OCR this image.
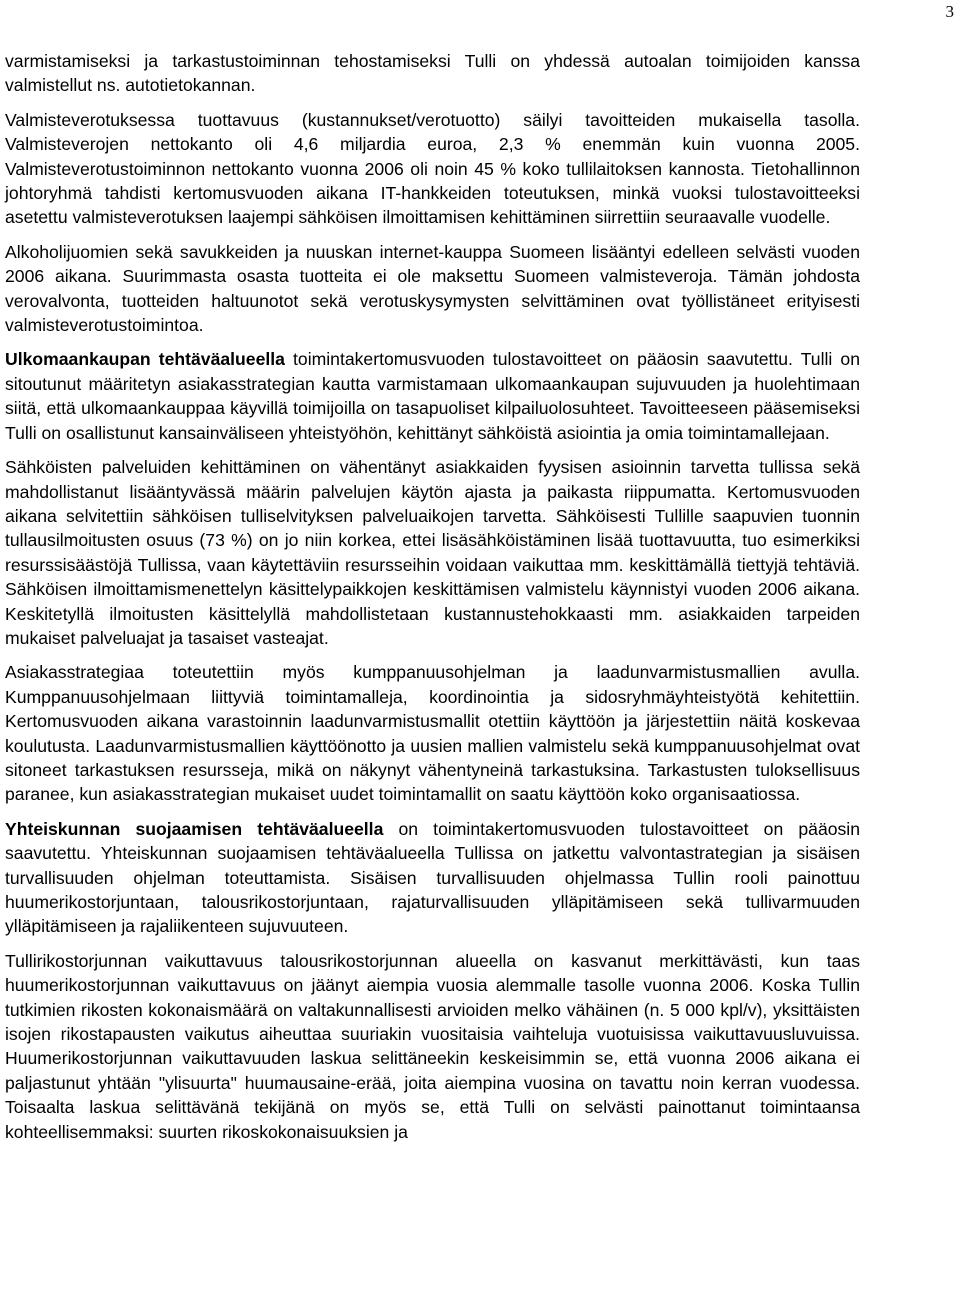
3

varmistamiseksi ja tarkastustoiminnan tehostamiseksi Tulli on yhdessä autoalan toimijoiden kanssa valmistellut ns. autotietokannan.

Valmisteverotuksessa tuottavuus (kustannukset/verotuotto) säilyi tavoitteiden mukaisella tasolla. Valmisteverojen nettokanto oli 4,6 miljardia euroa, 2,3 % enemmän kuin vuonna 2005. Valmisteverotustoiminnon nettokanto vuonna 2006 oli noin 45 % koko tullilaitoksen kannosta. Tietohallinnon johtoryhmä tahdisti kertomusvuoden aikana IT-hankkeiden toteutuksen, minkä vuoksi tulostavoitteeksi asetettu valmisteverotuksen laajempi sähköisen ilmoittamisen kehittäminen siirrettiin seuraavalle vuodelle.

Alkoholijuomien sekä savukkeiden ja nuuskan internet-kauppa Suomeen lisääntyi edelleen selvästi vuoden 2006 aikana. Suurimmasta osasta tuotteita ei ole maksettu Suomeen valmisteveroja. Tämän johdosta verovalvonta, tuotteiden haltuunotot sekä verotuskysymysten selvittäminen ovat työllistäneet erityisesti valmisteverotustoimintoa.

Ulkomaankaupan tehtäväalueella toimintakertomusvuoden tulostavoitteet on pääosin saavutettu. Tulli on sitoutunut määritetyn asiakasstrategian kautta varmistamaan ulkomaankaupan sujuvuuden ja huolehtimaan siitä, että ulkomaankauppaa käyvillä toimijoilla on tasapuoliset kilpailuolosuhteet. Tavoitteeseen pääsemiseksi Tulli on osallistunut kansainväliseen yhteistyöhön, kehittänyt sähköistä asiointia ja omia toimintamallejaan.

Sähköisten palveluiden kehittäminen on vähentänyt asiakkaiden fyysisen asioinnin tarvetta tullissa sekä mahdollistanut lisääntyvässä määrin palvelujen käytön ajasta ja paikasta riippumatta. Kertomusvuoden aikana selvitettiin sähköisen tulliselvityksen palveluaikojen tarvetta. Sähköisesti Tullille saapuvien tuonnin tullausilmoitusten osuus (73 %) on jo niin korkea, ettei lisäsähköistäminen lisää tuottavuutta, tuo esimerkiksi resurssisäästöjä Tullissa, vaan käytettäviin resursseihin voidaan vaikuttaa mm. keskittämällä tiettyjä tehtäviä. Sähköisen ilmoittamismenettelyn käsittelypaikkojen keskittämisen valmistelu käynnistyi vuoden 2006 aikana. Keskitetyllä ilmoitusten käsittelyllä mahdollistetaan kustannustehokkaasti mm. asiakkaiden tarpeiden mukaiset palveluajat ja tasaiset vasteajat.

Asiakasstrategiaa toteutettiin myös kumppanuusohjelman ja laadunvarmistusmallien avulla. Kumppanuusohjelmaan liittyviä toimintamalleja, koordinointia ja sidosryhmäyhteistyötä kehitettiin. Kertomusvuoden aikana varastoinnin laadunvarmistusmallit otettiin käyttöön ja järjestettiin näitä koskevaa koulutusta. Laadunvarmistusmallien käyttöönotto ja uusien mallien valmistelu sekä kumppanuusohjelmat ovat sitoneet tarkastuksen resursseja, mikä on näkynyt vähentyneinä tarkastuksina. Tarkastusten tuloksellisuus paranee, kun asiakasstrategian mukaiset uudet toimintamallit on saatu käyttöön koko organisaatiossa.

Yhteiskunnan suojaamisen tehtäväalueella on toimintakertomusvuoden tulostavoitteet on pääosin saavutettu. Yhteiskunnan suojaamisen tehtäväalueella Tullissa on jatkettu valvontastrategian ja sisäisen turvallisuuden ohjelman toteuttamista. Sisäisen turvallisuuden ohjelmassa Tullin rooli painottuu huumerikostorjuntaan, talousrikostorjuntaan, rajaturvallisuuden ylläpitämiseen sekä tullivarmuuden ylläpitämiseen ja rajaliikenteen sujuvuuteen.

Tullirikostorjunnan vaikuttavuus talousrikostorjunnan alueella on kasvanut merkittävästi, kun taas huumerikostorjunnan vaikuttavuus on jäänyt aiempia vuosia alemmalle tasolle vuonna 2006. Koska Tullin tutkimien rikosten kokonaismäärä on valtakunnallisesti arvioiden melko vähäinen (n. 5 000 kpl/v), yksittäisten isojen rikostapausten vaikutus aiheuttaa suuriakin vuositaisia vaihteluja vuotuisissa vaikuttavuusluvuissa. Huumerikostorjunnan vaikuttavuuden laskua selittäneekin keskeisimmin se, että vuonna 2006 aikana ei paljastunut yhtään "ylisuurta" huumausaine-erää, joita aiempina vuosina on tavattu noin kerran vuodessa. Toisaalta laskua selittävänä tekijänä on myös se, että Tulli on selvästi painottanut toimintaansa kohteellisemmaksi: suurten rikoskokonaisuuksien ja
